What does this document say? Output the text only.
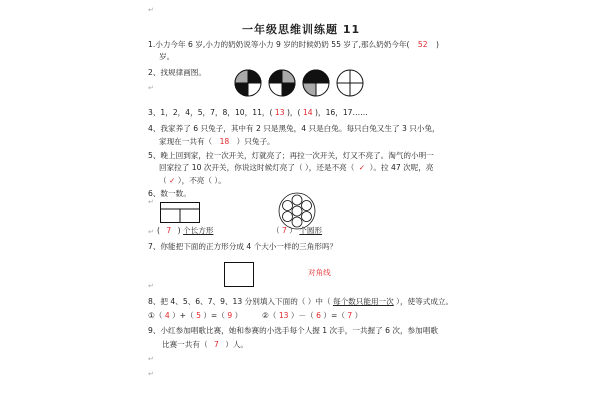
↵
↵
↵
↵
↵
↵
↵
一年级思维训练题 11
1.小力今年 6 岁,小力的奶奶说等小力 9 岁的时候奶奶 55 岁了,那么奶奶今年( 52 )
岁。
2、找规律画图。
3、1，2，4，5，7，8，10，11，( 13 )，( 14 )，16，17……
4、我家养了 6 只兔子，其中有 2 只是黑兔，4 只是白兔。每只白兔又生了 3 只小兔，
家现在一共有（ 18 ）只兔子。
5、晚上回到家，拉一次开关，灯就亮了；再拉一次开关，灯又不亮了。淘气的小明一
回家拉了 10 次开关，你说这时候灯亮了（ ），还是不亮（ ✓ ）。拉 47 次呢，亮
（ ✓ ），不亮（ ）。
6、数一数。
( 7 ) 个长方形	（ 7 ） 个圆形
7、你能把下面的正方形分成 4 个大小一样的三角形吗？
对角线
8、把 4、5、6、7、9、13 分别填入下面的（ ）中（ 每个数只能用一次 ），使等式成立。
①（ 4 ）+（ 5 ）=（ 9 ）	②（ 13 ）－（ 6 ）=（ 7 ）
9、小红参加唱歌比赛，她和参赛的小选手每个人握 1 次手，一共握了 6 次，参加唱歌
比赛一共有（ 7 ）人。
